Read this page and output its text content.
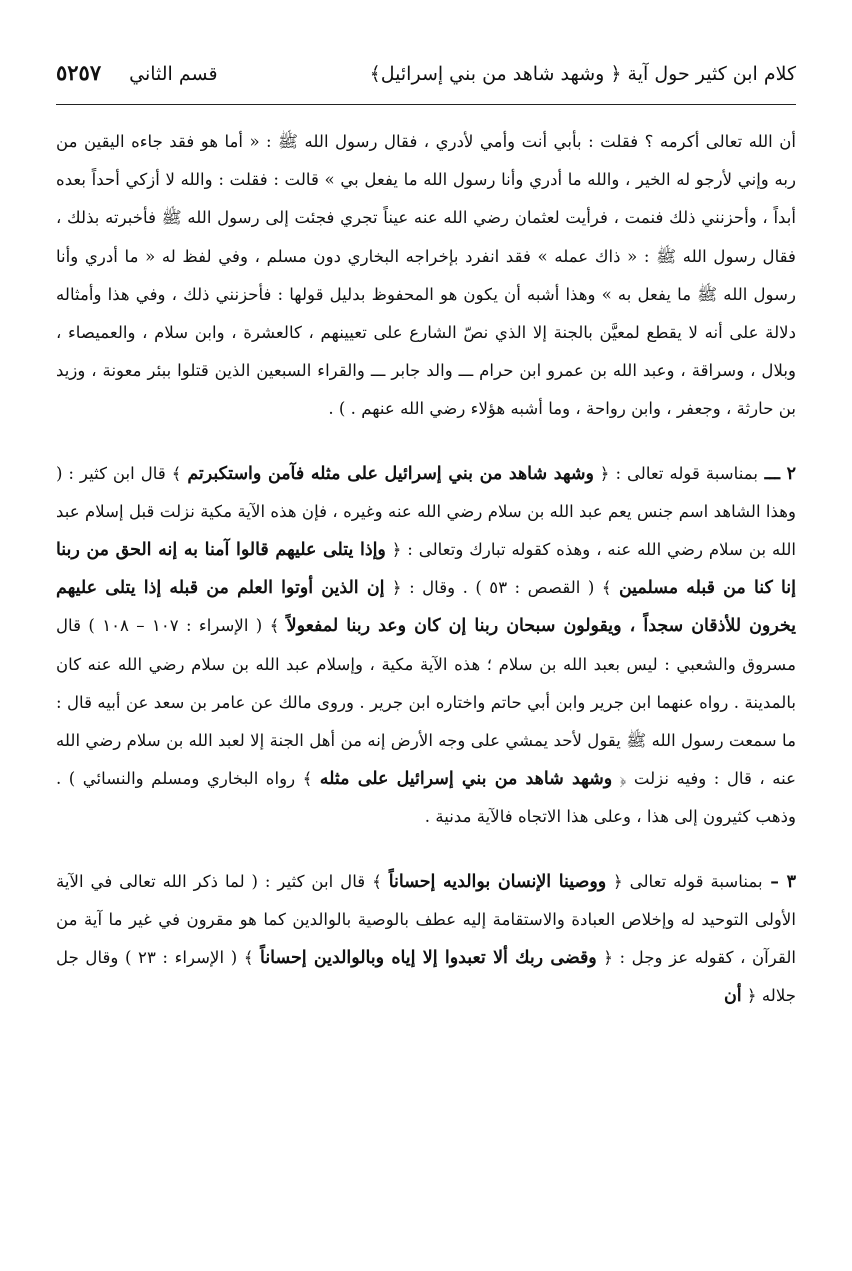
كلام ابن كثير حول آية ﴿ وشهد شاهد من بني إسرائيل﴾
قسم الثاني
٥٢٥٧

أن الله تعالى أكرمه ؟ فقلت : بأبي أنت وأمي لأدري ، فقال رسول الله ﷺ : « أما هو فقد جاءه اليقين من ربه وإني لأرجو له الخير ، والله ما أدري وأنا رسول الله ما يفعل بي » قالت : فقلت : والله لا أزكي أحداً بعده أبداً ، وأحزنني ذلك فنمت ، فرأيت لعثمان رضي الله عنه عيناً تجري فجئت إلى رسول الله ﷺ فأخبرته بذلك ، فقال رسول الله ﷺ : « ذاك عمله » فقد انفرد بإخراجه البخاري دون مسلم ، وفي لفظ له « ما أدري وأنا رسول الله ﷺ ما يفعل به » وهذا أشبه أن يكون هو المحفوظ بدليل قولها : فأحزنني ذلك ، وفي هذا وأمثاله دلالة على أنه لا يقطع لمعيَّن بالجنة إلا الذي نصّ الشارع على تعيينهم ، كالعشرة ، وابن سلام ، والعميصاء ، وبلال ، وسراقة ، وعبد الله بن عمرو ابن حرام ـــ والد جابر ـــ والقراء السبعين الذين قتلوا ببئر معونة ، وزيد بن حارثة ، وجعفر ، وابن رواحة ، وما أشبه هؤلاء رضي الله عنهم . ) .

٢ ـــ بمناسبة قوله تعالى : ﴿ وشهد شاهد من بني إسرائيل على مثله فآمن واستكبرتم ﴾ قال ابن كثير : ( وهذا الشاهد اسم جنس يعم عبد الله بن سلام رضي الله عنه وغيره ، فإن هذه الآية مكية نزلت قبل إسلام عبد الله بن سلام رضي الله عنه ، وهذه كقوله تبارك وتعالى : ﴿ وإذا يتلى عليهم قالوا آمنا به إنه الحق من ربنا إنا كنا من قبله مسلمين ﴾ ( القصص : ٥٣ ) . وقال : ﴿ إن الذين أوتوا العلم من قبله إذا يتلى عليهم يخرون للأذقان سجداً ، ويقولون سبحان ربنا إن كان وعد ربنا لمفعولاً ﴾ ( الإسراء : ١٠٧ – ١٠٨ ) قال مسروق والشعبي : ليس بعبد الله بن سلام ؛ هذه الآية مكية ، وإسلام عبد الله بن سلام رضي الله عنه كان بالمدينة . رواه عنهما ابن جرير وابن أبي حاتم واختاره ابن جرير . وروى مالك عن عامر بن سعد عن أبيه قال : ما سمعت رسول الله ﷺ يقول لأحد يمشي على وجه الأرض إنه من أهل الجنة إلا لعبد الله بن سلام رضي الله عنه ، قال : وفيه نزلت ﴿ وشهد شاهد من بني إسرائيل على مثله ﴾ رواه البخاري ومسلم والنسائي ) . وذهب كثيرون إلى هذا ، وعلى هذا الاتجاه فالآية مدنية .

٣ – بمناسبة قوله تعالى ﴿ ووصينا الإنسان بوالديه إحساناً ﴾ قال ابن كثير : ( لما ذكر الله تعالى في الآية الأولى التوحيد له وإخلاص العبادة والاستقامة إليه عطف بالوصية بالوالدين كما هو مقرون في غير ما آية من القرآن ، كقوله عز وجل : ﴿ وقضى ربك ألا تعبدوا إلا إياه وبالوالدين إحساناً ﴾ ( الإسراء : ٢٣ ) وقال جل جلاله ﴿ أن
